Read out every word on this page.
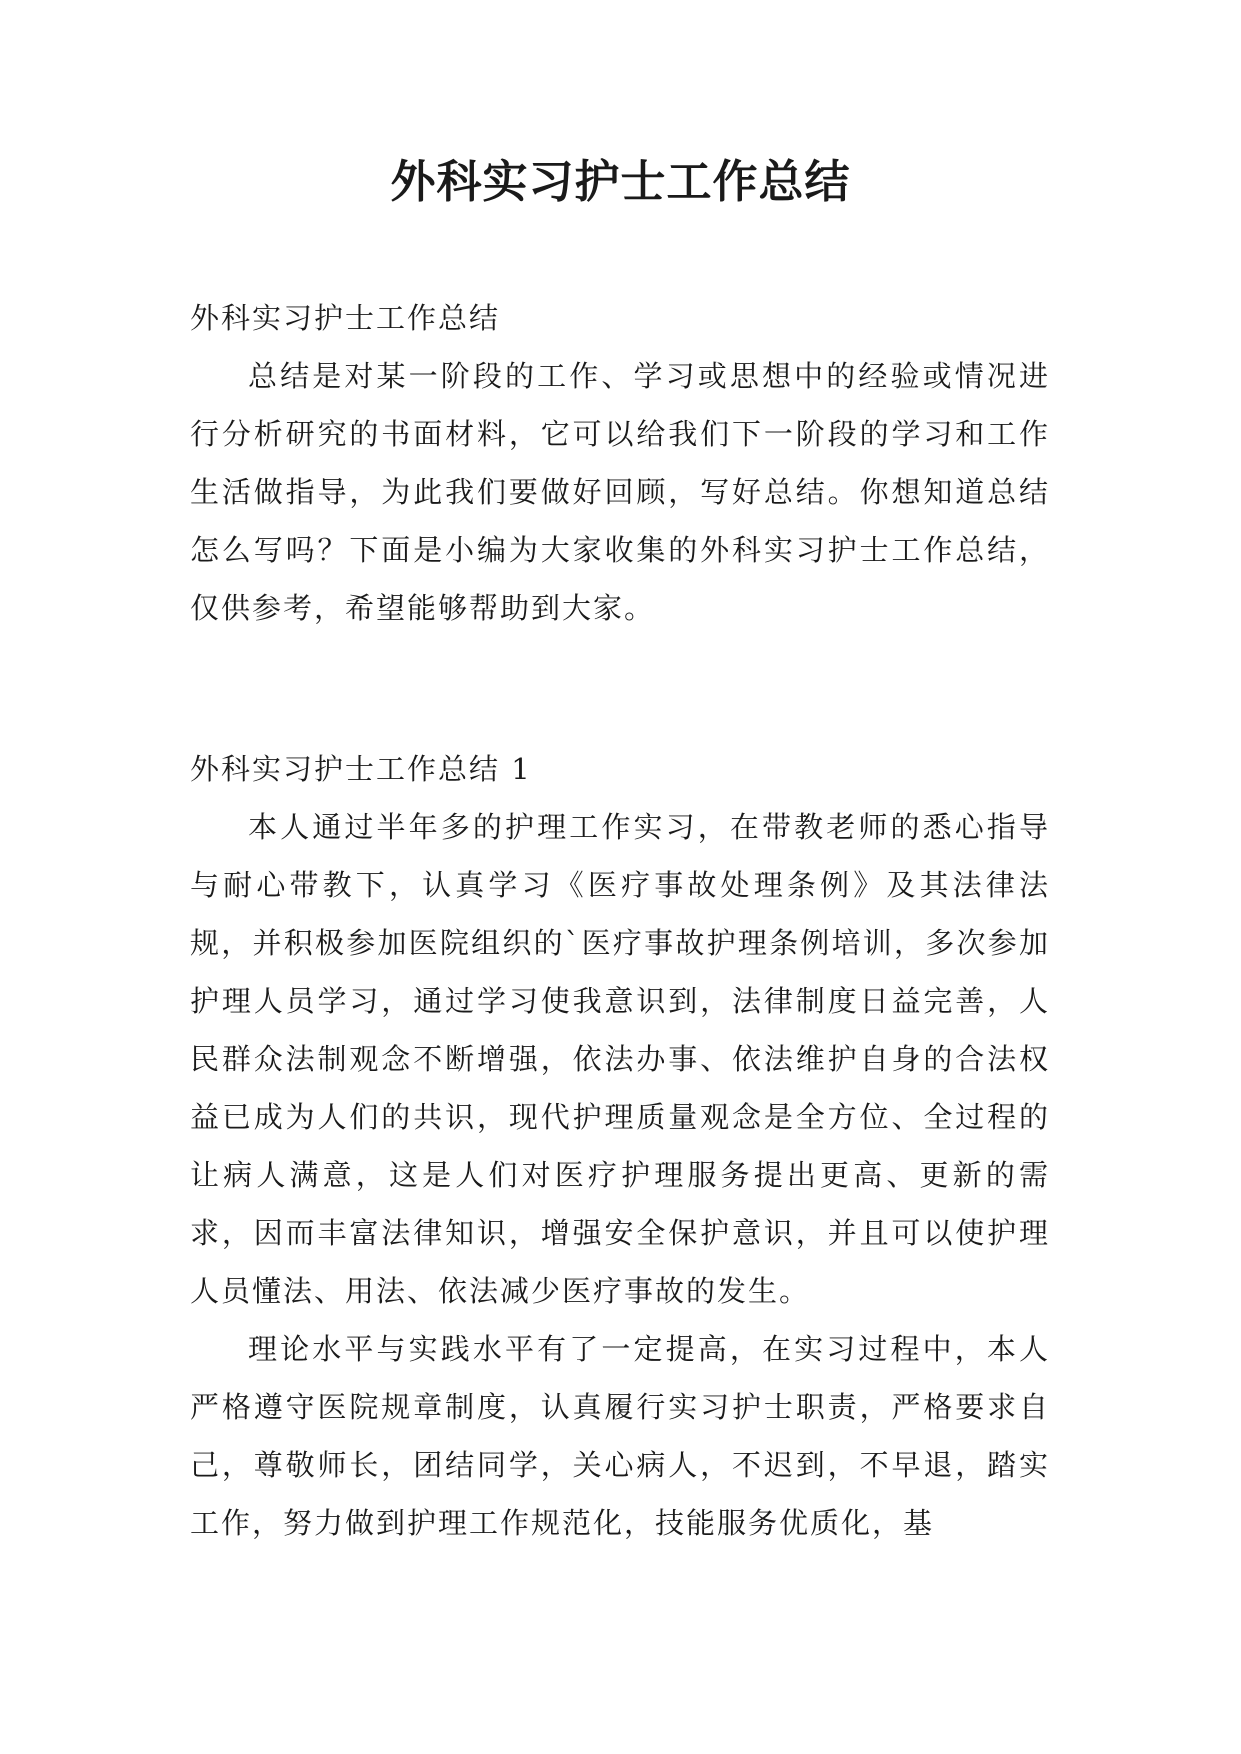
外科实习护士工作总结

外科实习护士工作总结

总结是对某一阶段的工作、学习或思想中的经验或情况进行分析研究的书面材料，它可以给我们下一阶段的学习和工作生活做指导，为此我们要做好回顾，写好总结。你想知道总结怎么写吗？下面是小编为大家收集的外科实习护士工作总结，仅供参考，希望能够帮助到大家。

外科实习护士工作总结 1

本人通过半年多的护理工作实习，在带教老师的悉心指导与耐心带教下，认真学习《医疗事故处理条例》及其法律法规，并积极参加医院组织的`医疗事故护理条例培训，多次参加护理人员学习，通过学习使我意识到，法律制度日益完善，人民群众法制观念不断增强，依法办事、依法维护自身的合法权益已成为人们的共识，现代护理质量观念是全方位、全过程的让病人满意，这是人们对医疗护理服务提出更高、更新的需求，因而丰富法律知识，增强安全保护意识，并且可以使护理人员懂法、用法、依法减少医疗事故的发生。

理论水平与实践水平有了一定提高，在实习过程中，本人严格遵守医院规章制度，认真履行实习护士职责，严格要求自己，尊敬师长，团结同学，关心病人，不迟到，不早退，踏实工作，努力做到护理工作规范化，技能服务优质化，基
